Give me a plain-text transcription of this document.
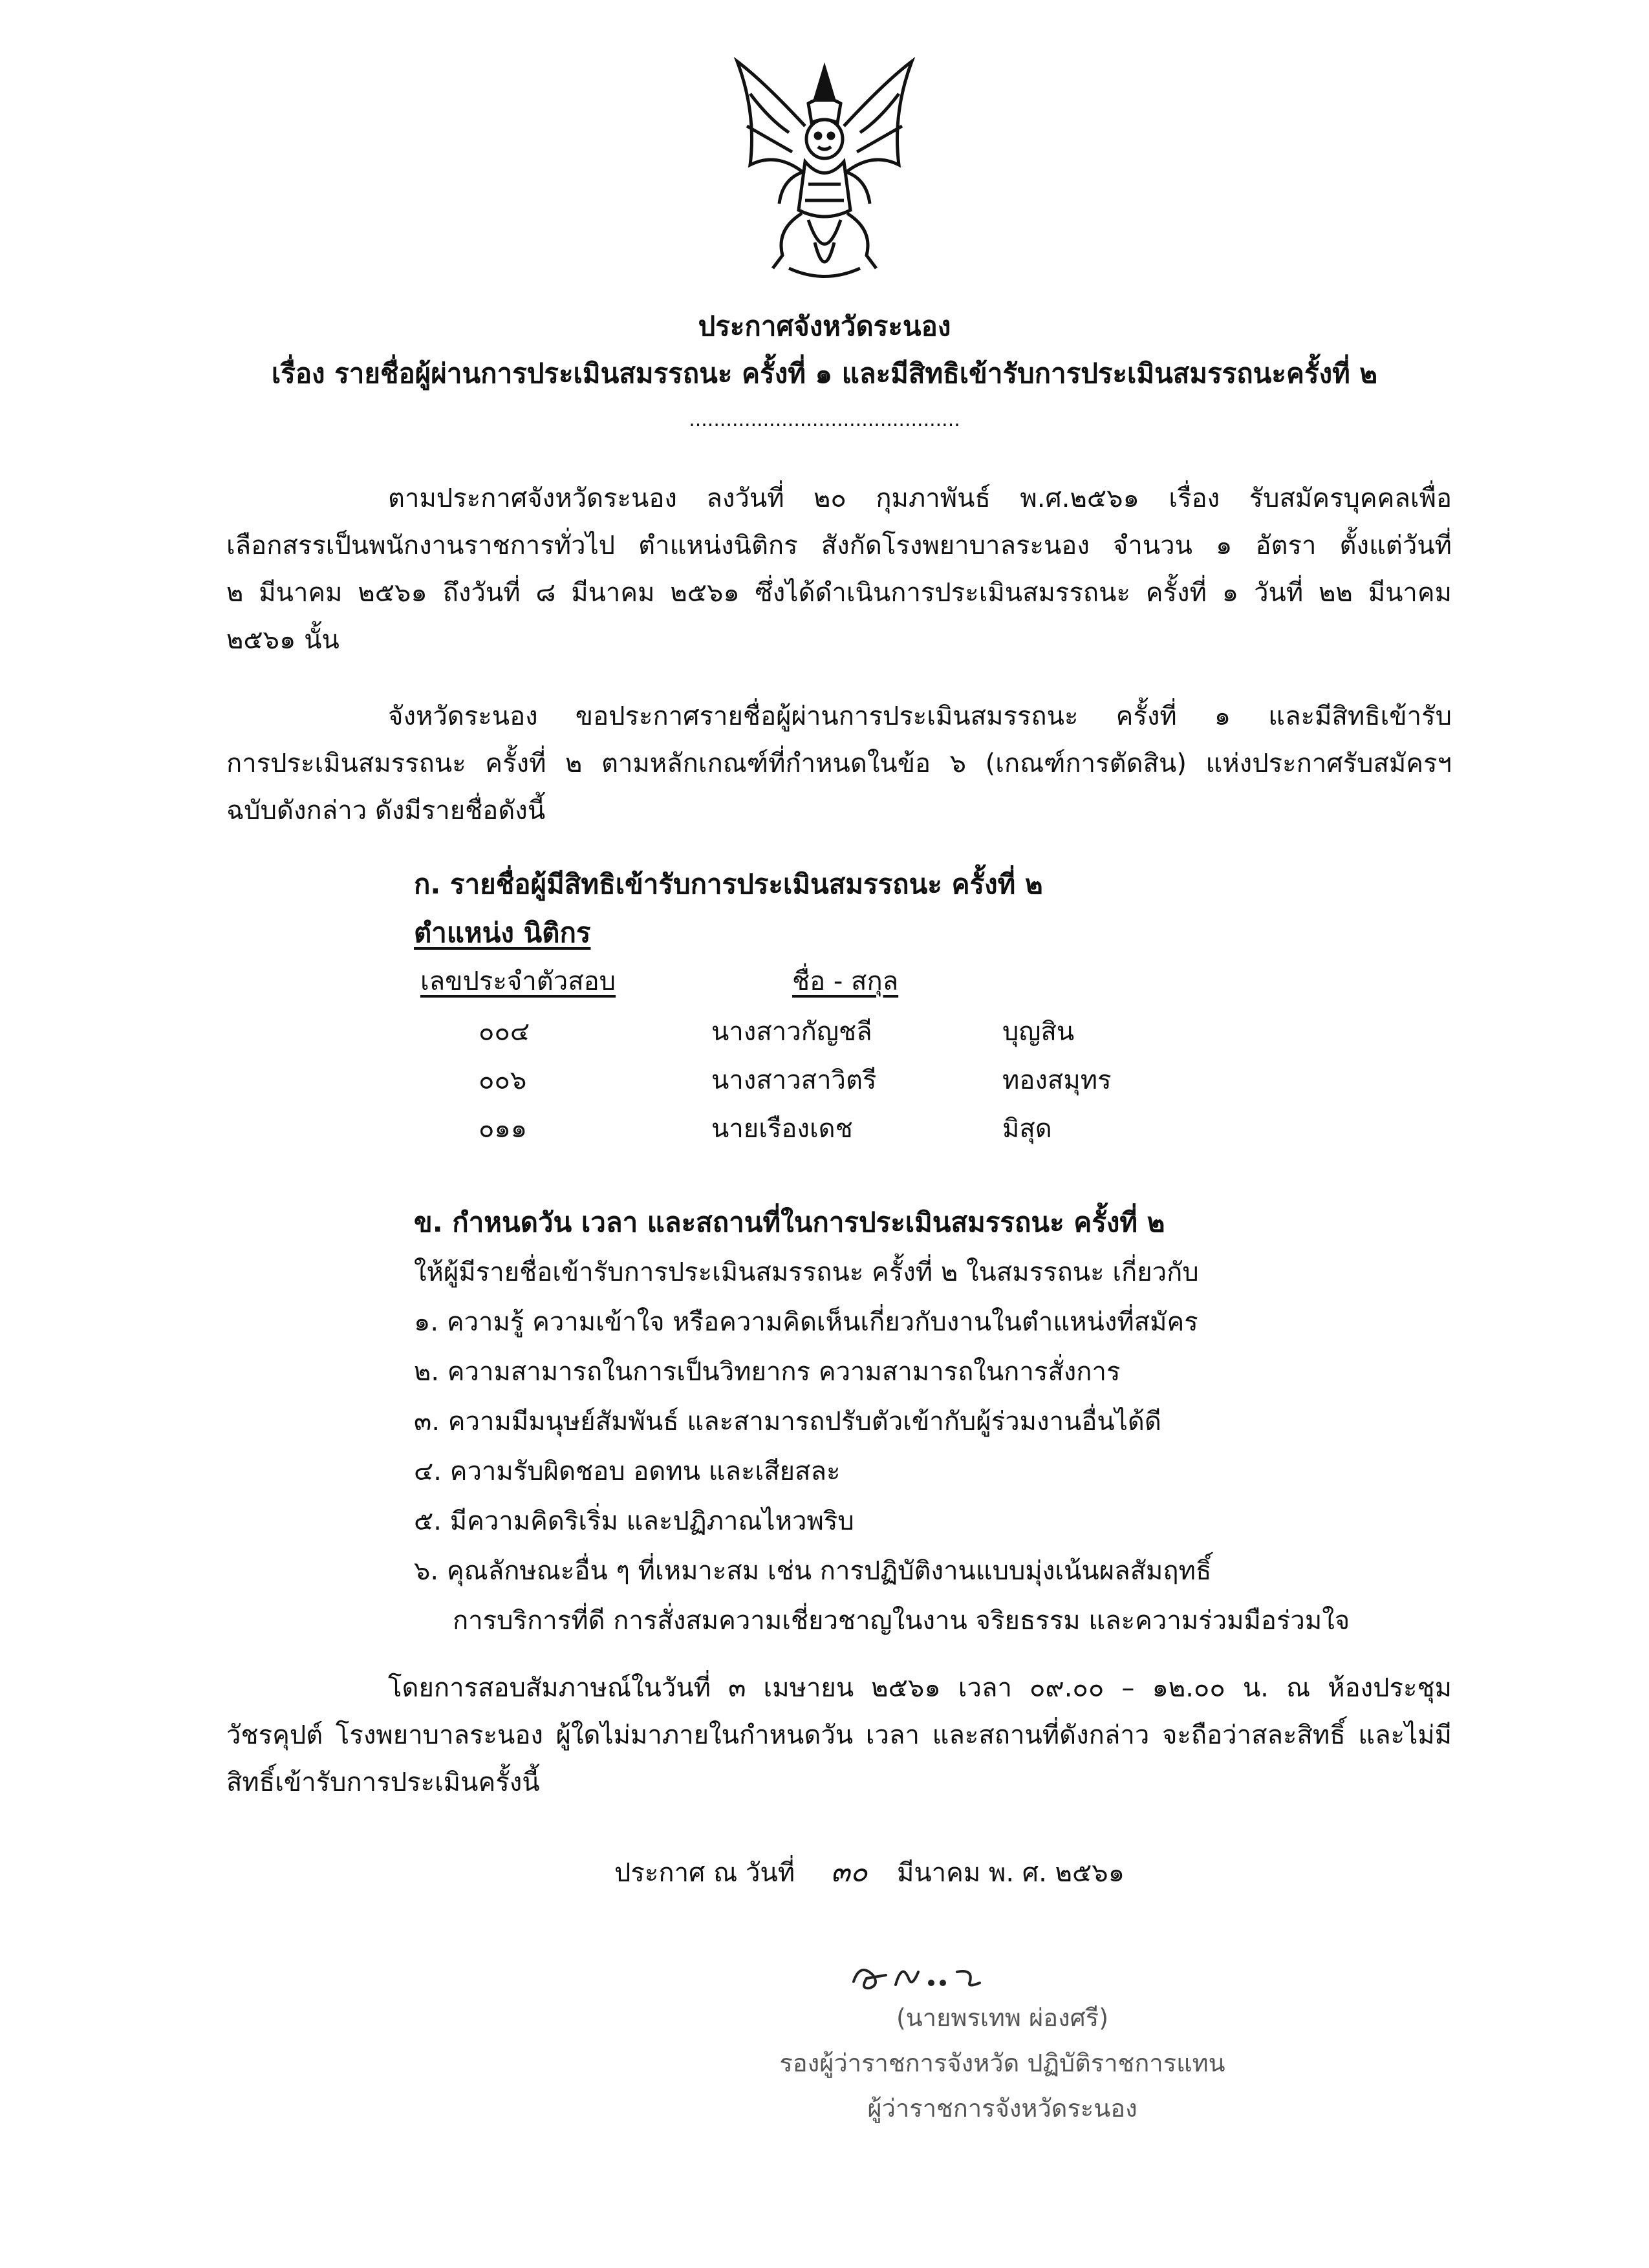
ประกาศจังหวัดระนอง
เรื่อง รายชื่อผู้ผ่านการประเมินสมรรถนะ ครั้งที่ ๑ และมีสิทธิเข้ารับการประเมินสมรรถนะครั้งที่ ๒
............................................
ตามประกาศจังหวัดระนอง ลงวันที่ ๒๐ กุมภาพันธ์ พ.ศ.๒๕๖๑ เรื่อง รับสมัครบุคคลเพื่อ
เลือกสรรเป็นพนักงานราชการทั่วไป ตำแหน่งนิติกร สังกัดโรงพยาบาลระนอง จำนวน ๑ อัตรา ตั้งแต่วันที่
๒ มีนาคม ๒๕๖๑ ถึงวันที่ ๘ มีนาคม ๒๕๖๑ ซึ่งได้ดำเนินการประเมินสมรรถนะ ครั้งที่ ๑ วันที่ ๒๒ มีนาคม
๒๕๖๑ นั้น
จังหวัดระนอง ขอประกาศรายชื่อผู้ผ่านการประเมินสมรรถนะ ครั้งที่ ๑ และมีสิทธิเข้ารับ
การประเมินสมรรถนะ ครั้งที่ ๒ ตามหลักเกณฑ์ที่กำหนดในข้อ ๖ (เกณฑ์การตัดสิน) แห่งประกาศรับสมัครฯ
ฉบับดังกล่าว ดังมีรายชื่อดังนี้
ก. รายชื่อผู้มีสิทธิเข้ารับการประเมินสมรรถนะ ครั้งที่ ๒
ตำแหน่ง นิติกร
เลขประจำตัวสอบ	ชื่อ - สกุล
๐๐๔	นางสาวกัญชลี	บุญสิน
๐๐๖	นางสาวสาวิตรี	ทองสมุทร
๐๑๑	นายเรืองเดช	มิสุด
ข. กำหนดวัน เวลา และสถานที่ในการประเมินสมรรถนะ ครั้งที่ ๒
ให้ผู้มีรายชื่อเข้ารับการประเมินสมรรถนะ ครั้งที่ ๒ ในสมรรถนะ เกี่ยวกับ
๑. ความรู้ ความเข้าใจ หรือความคิดเห็นเกี่ยวกับงานในตำแหน่งที่สมัคร
๒. ความสามารถในการเป็นวิทยากร ความสามารถในการสั่งการ
๓. ความมีมนุษย์สัมพันธ์ และสามารถปรับตัวเข้ากับผู้ร่วมงานอื่นได้ดี
๔. ความรับผิดชอบ อดทน และเสียสละ
๕. มีความคิดริเริ่ม และปฏิภาณไหวพริบ
๖. คุณลักษณะอื่น ๆ ที่เหมาะสม เช่น การปฏิบัติงานแบบมุ่งเน้นผลสัมฤทธิ์
การบริการที่ดี การสั่งสมความเชี่ยวชาญในงาน จริยธรรม และความร่วมมือร่วมใจ
โดยการสอบสัมภาษณ์ในวันที่ ๓ เมษายน ๒๕๖๑ เวลา ๐๙.๐๐ – ๑๒.๐๐ น. ณ ห้องประชุม
วัชรคุปต์ โรงพยาบาลระนอง ผู้ใดไม่มาภายในกำหนดวัน เวลา และสถานที่ดังกล่าว จะถือว่าสละสิทธิ์ และไม่มี
สิทธิ์เข้ารับการประเมินครั้งนี้
ประกาศ ณ วันที่ ๓๐ มีนาคม พ. ศ. ๒๕๖๑
(นายพรเทพ ผ่องศรี)
รองผู้ว่าราชการจังหวัด ปฏิบัติราชการแทน
ผู้ว่าราชการจังหวัดระนอง
